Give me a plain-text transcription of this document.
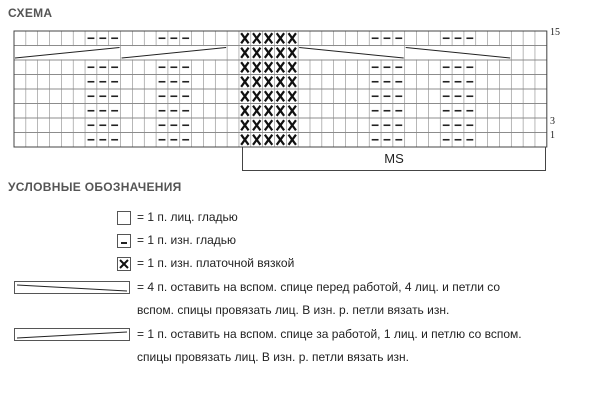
СХЕМА
15
3
1
MS
УСЛОВНЫЕ ОБОЗНАЧЕНИЯ
= 1 п. лиц. гладью
= 1 п. изн. гладью
= 1 п. изн. платочной вязкой
= 4 п. оставить на вспом. спице перед работой, 4 лиц. и петли со
вспом. спицы провязать лиц. В изн. р. петли вязать изн.
= 1 п. оставить на вспом. спице за работой, 1 лиц. и петлю со вспом.
спицы провязать лиц. В изн. р. петли вязать изн.
